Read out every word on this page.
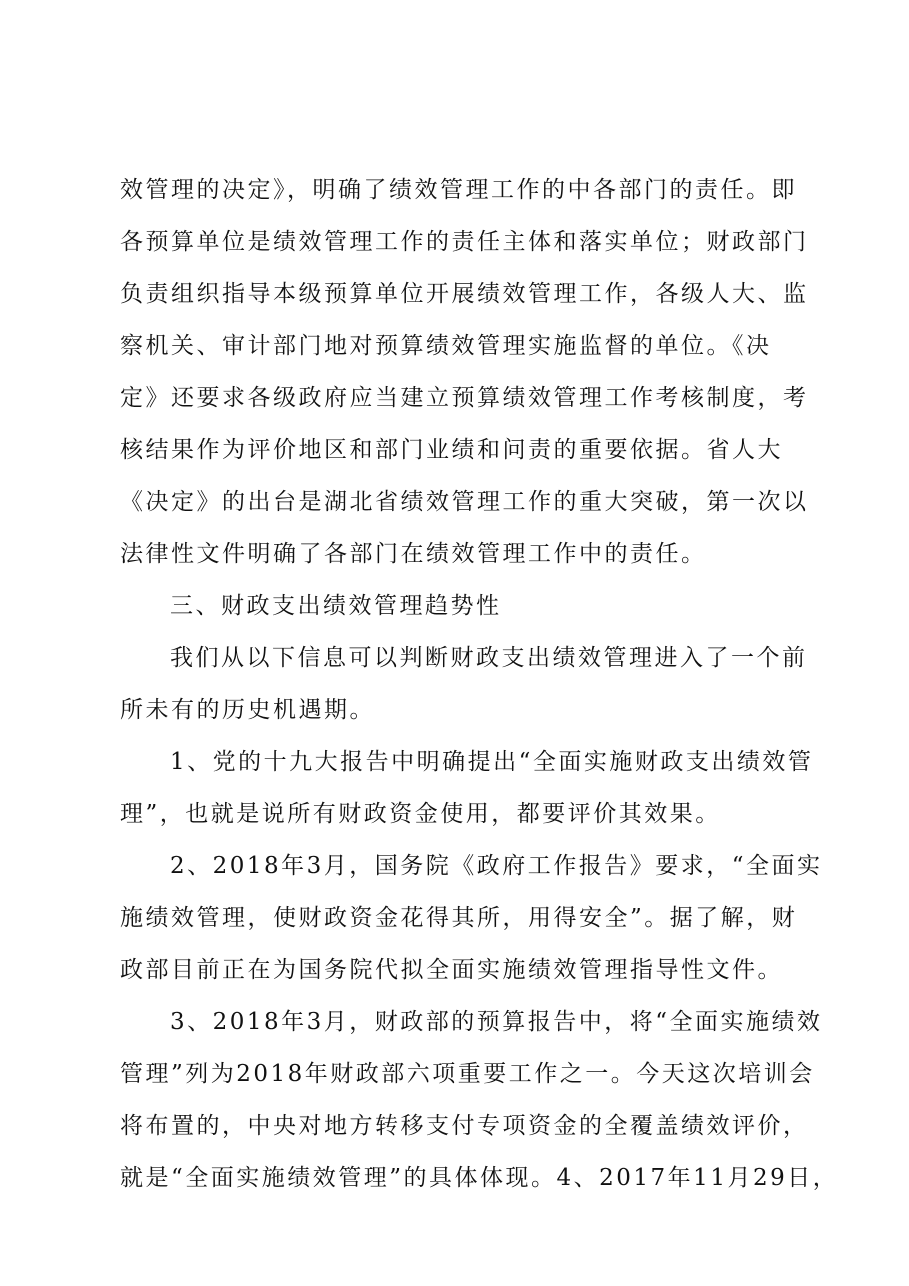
效管理的决定》，明确了绩效管理工作的中各部门的责任。即
各预算单位是绩效管理工作的责任主体和落实单位；财政部门
负责组织指导本级预算单位开展绩效管理工作，各级人大、监
察机关、审计部门地对预算绩效管理实施监督的单位。《决
定》还要求各级政府应当建立预算绩效管理工作考核制度，考
核结果作为评价地区和部门业绩和问责的重要依据。省人大
《决定》的出台是湖北省绩效管理工作的重大突破，第一次以
法律性文件明确了各部门在绩效管理工作中的责任。
三、财政支出绩效管理趋势性
我们从以下信息可以判断财政支出绩效管理进入了一个前
所未有的历史机遇期。
1、党的十九大报告中明确提出“全面实施财政支出绩效管
理”，也就是说所有财政资金使用，都要评价其效果。
2、2018年3月，国务院《政府工作报告》要求，“全面实
施绩效管理，使财政资金花得其所，用得安全”。据了解，财
政部目前正在为国务院代拟全面实施绩效管理指导性文件。
3、2018年3月，财政部的预算报告中，将“全面实施绩效
管理”列为2018年财政部六项重要工作之一。今天这次培训会
将布置的，中央对地方转移支付专项资金的全覆盖绩效评价，
就是“全面实施绩效管理”的具体体现。4、2017年11月29日，
